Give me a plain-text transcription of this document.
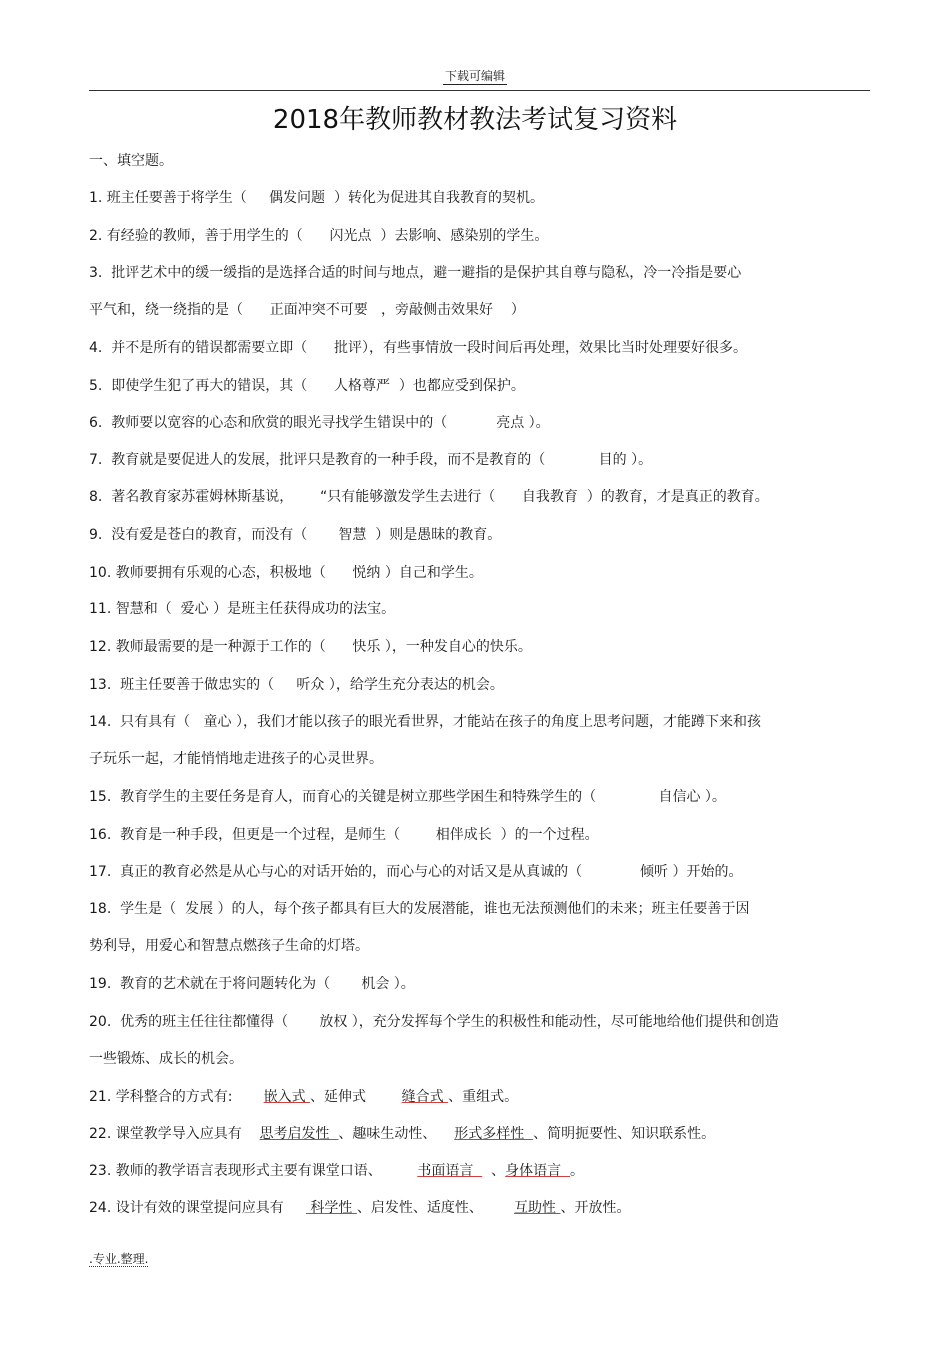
下载可编辑
2018年教师教材教法考试复习资料
一、填空题。
1. 班主任要善于将学生（     偶发问题  ）转化为促进其自我教育的契机。
2. 有经验的教师，善于用学生的（      闪光点  ）去影响、感染别的学生。
3.  批评艺术中的缓一缓指的是选择合适的时间与地点，避一避指的是保护其自尊与隐私，冷一冷指是要心
平气和，绕一绕指的是（      正面冲突不可要   ，旁敲侧击效果好    ）
4.  并不是所有的错误都需要立即（      批评），有些事情放一段时间后再处理，效果比当时处理要好很多。
5.  即使学生犯了再大的错误，其（      人格尊严  ）也都应受到保护。
6.  教师要以宽容的心态和欣赏的眼光寻找学生错误中的（           亮点 ）。
7.  教育就是要促进人的发展，批评只是教育的一种手段，而不是教育的（            目的 ）。
8.  著名教育家苏霍姆林斯基说，      “只有能够激发学生去进行（      自我教育  ）的教育，才是真正的教育。
9.  没有爱是苍白的教育，而没有（       智慧  ）则是愚昧的教育。
10. 教师要拥有乐观的心态，积极地（      悦纳 ）自己和学生。
11. 智慧和（  爱心 ）是班主任获得成功的法宝。
12. 教师最需要的是一种源于工作的（      快乐 ），一种发自心的快乐。
13.  班主任要善于做忠实的（     听众 ），给学生充分表达的机会。
14.  只有具有（   童心 ），我们才能以孩子的眼光看世界，才能站在孩子的角度上思考问题，才能蹲下来和孩
子玩乐一起，才能悄悄地走进孩子的心灵世界。
15.  教育学生的主要任务是育人，而育心的关键是树立那些学困生和特殊学生的（              自信心 ）。
16.  教育是一种手段，但更是一个过程，是师生（        相伴成长  ）的一个过程。
17.  真正的教育必然是从心与心的对话开始的，而心与心的对话又是从真诚的（             倾听 ）开始的。
18.  学生是（  发展 ）的人，每个孩子都具有巨大的发展潜能，谁也无法预测他们的未来；班主任要善于因
势利导，用爱心和智慧点燃孩子生命的灯塔。
19.  教育的艺术就在于将问题转化为（       机会 ）。
20.  优秀的班主任往往都懂得（       放权 ），充分发挥每个学生的积极性和能动性，尽可能地给他们提供和创造
一些锻炼、成长的机会。
21. 学科整合的方式有:       嵌入式 、延伸式        缝合式 、重组式。
22. 课堂教学导入应具有    思考启发性  、趣味生动性、    形式多样性  、简明扼要性、知识联系性。
23. 教师的教学语言表现形式主要有课堂口语、        书面语言    、身体语言  。
24. 设计有效的课堂提问应具有      科学性 、启发性、适度性、       互助性 、开放性。
.专业.整理.
